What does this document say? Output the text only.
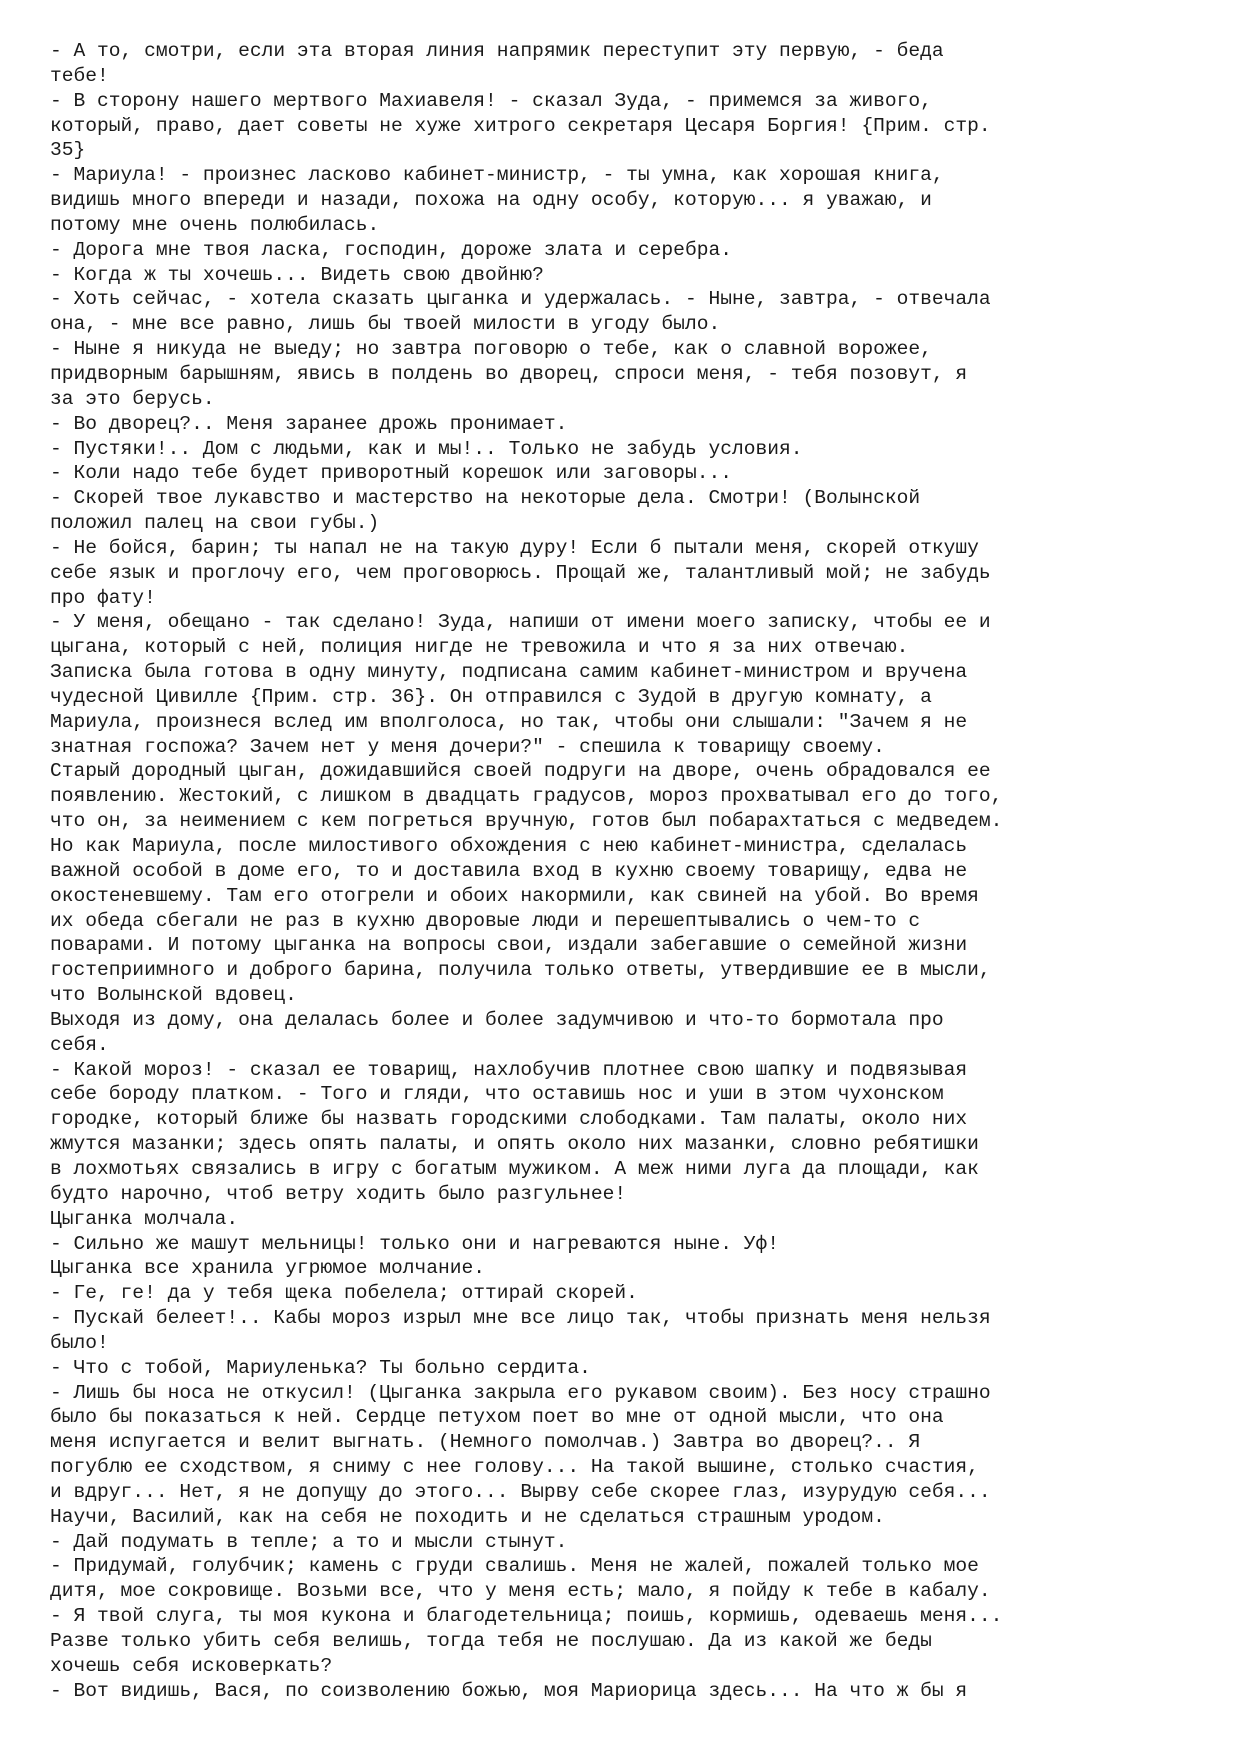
- А то, смотри, если эта вторая линия напрямик переступит эту первую, - беда
тебе!
- В сторону нашего мертвого Махиавеля! - сказал Зуда, - примемся за живого,
который, право, дает советы не хуже хитрого секретаря Цесаря Боргия! {Прим. стр.
35}
- Мариула! - произнес ласково кабинет-министр, - ты умна, как хорошая книга,
видишь много впереди и назади, похожа на одну особу, которую... я уважаю, и
потому мне очень полюбилась.
- Дорога мне твоя ласка, господин, дороже злата и серебра.
- Когда ж ты хочешь... Видеть свою двойню?
- Хоть сейчас, - хотела сказать цыганка и удержалась. - Ныне, завтра, - отвечала
она, - мне все равно, лишь бы твоей милости в угоду было.
- Ныне я никуда не выеду; но завтра поговорю о тебе, как о славной ворожее,
придворным барышням, явись в полдень во дворец, спроси меня, - тебя позовут, я
за это берусь.
- Во дворец?.. Меня заранее дрожь пронимает.
- Пустяки!.. Дом с людьми, как и мы!.. Только не забудь условия.
- Коли надо тебе будет приворотный корешок или заговоры...
- Скорей твое лукавство и мастерство на некоторые дела. Смотри! (Волынской
положил палец на свои губы.)
- Не бойся, барин; ты напал не на такую дуру! Если б пытали меня, скорей откушу
себе язык и проглочу его, чем проговорюсь. Прощай же, талантливый мой; не забудь
про фату!
- У меня, обещано - так сделано! Зуда, напиши от имени моего записку, чтобы ее и
цыгана, который с ней, полиция нигде не тревожила и что я за них отвечаю.
Записка была готова в одну минуту, подписана самим кабинет-министром и вручена
чудесной Цивилле {Прим. стр. 36}. Он отправился с Зудой в другую комнату, а
Мариула, произнеся вслед им вполголоса, но так, чтобы они слышали: "Зачем я не
знатная госпожа? Зачем нет у меня дочери?" - спешила к товарищу своему.
Старый дородный цыган, дожидавшийся своей подруги на дворе, очень обрадовался ее
появлению. Жестокий, с лишком в двадцать градусов, мороз прохватывал его до того,
что он, за неимением с кем погреться вручную, готов был побарахтаться с медведем.
Но как Мариула, после милостивого обхождения с нею кабинет-министра, сделалась
важной особой в доме его, то и доставила вход в кухню своему товарищу, едва не
окостеневшему. Там его отогрели и обоих накормили, как свиней на убой. Во время
их обеда сбегали не раз в кухню дворовые люди и перешептывались о чем-то с
поварами. И потому цыганка на вопросы свои, издали забегавшие о семейной жизни
гостеприимного и доброго барина, получила только ответы, утвердившие ее в мысли,
что Волынской вдовец.
Выходя из дому, она делалась более и более задумчивою и что-то бормотала про
себя.
- Какой мороз! - сказал ее товарищ, нахлобучив плотнее свою шапку и подвязывая
себе бороду платком. - Того и гляди, что оставишь нос и уши в этом чухонском
городке, который ближе бы назвать городскими слободками. Там палаты, около них
жмутся мазанки; здесь опять палаты, и опять около них мазанки, словно ребятишки
в лохмотьях связались в игру с богатым мужиком. А меж ними луга да площади, как
будто нарочно, чтоб ветру ходить было разгульнее!
Цыганка молчала.
- Сильно же машут мельницы! только они и нагреваются ныне. Уф!
Цыганка все хранила угрюмое молчание.
- Ге, ге! да у тебя щека побелела; оттирай скорей.
- Пускай белеет!.. Кабы мороз изрыл мне все лицо так, чтобы признать меня нельзя
было!
- Что с тобой, Мариуленька? Ты больно сердита.
- Лишь бы носа не откусил! (Цыганка закрыла его рукавом своим). Без носу страшно
было бы показаться к ней. Сердце петухом поет во мне от одной мысли, что она
меня испугается и велит выгнать. (Немного помолчав.) Завтра во дворец?.. Я
погублю ее сходством, я сниму с нее голову... На такой вышине, столько счастия,
и вдруг... Нет, я не допущу до этого... Вырву себе скорее глаз, изурудую себя...
Научи, Василий, как на себя не походить и не сделаться страшным уродом.
- Дай подумать в тепле; а то и мысли стынут.
- Придумай, голубчик; камень с груди свалишь. Меня не жалей, пожалей только мое
дитя, мое сокровище. Возьми все, что у меня есть; мало, я пойду к тебе в кабалу.
- Я твой слуга, ты моя кукона и благодетельница; поишь, кормишь, одеваешь меня...
Разве только убить себя велишь, тогда тебя не послушаю. Да из какой же беды
хочешь себя исковеркать?
- Вот видишь, Вася, по соизволению божью, моя Мариорица здесь... На что ж бы я
